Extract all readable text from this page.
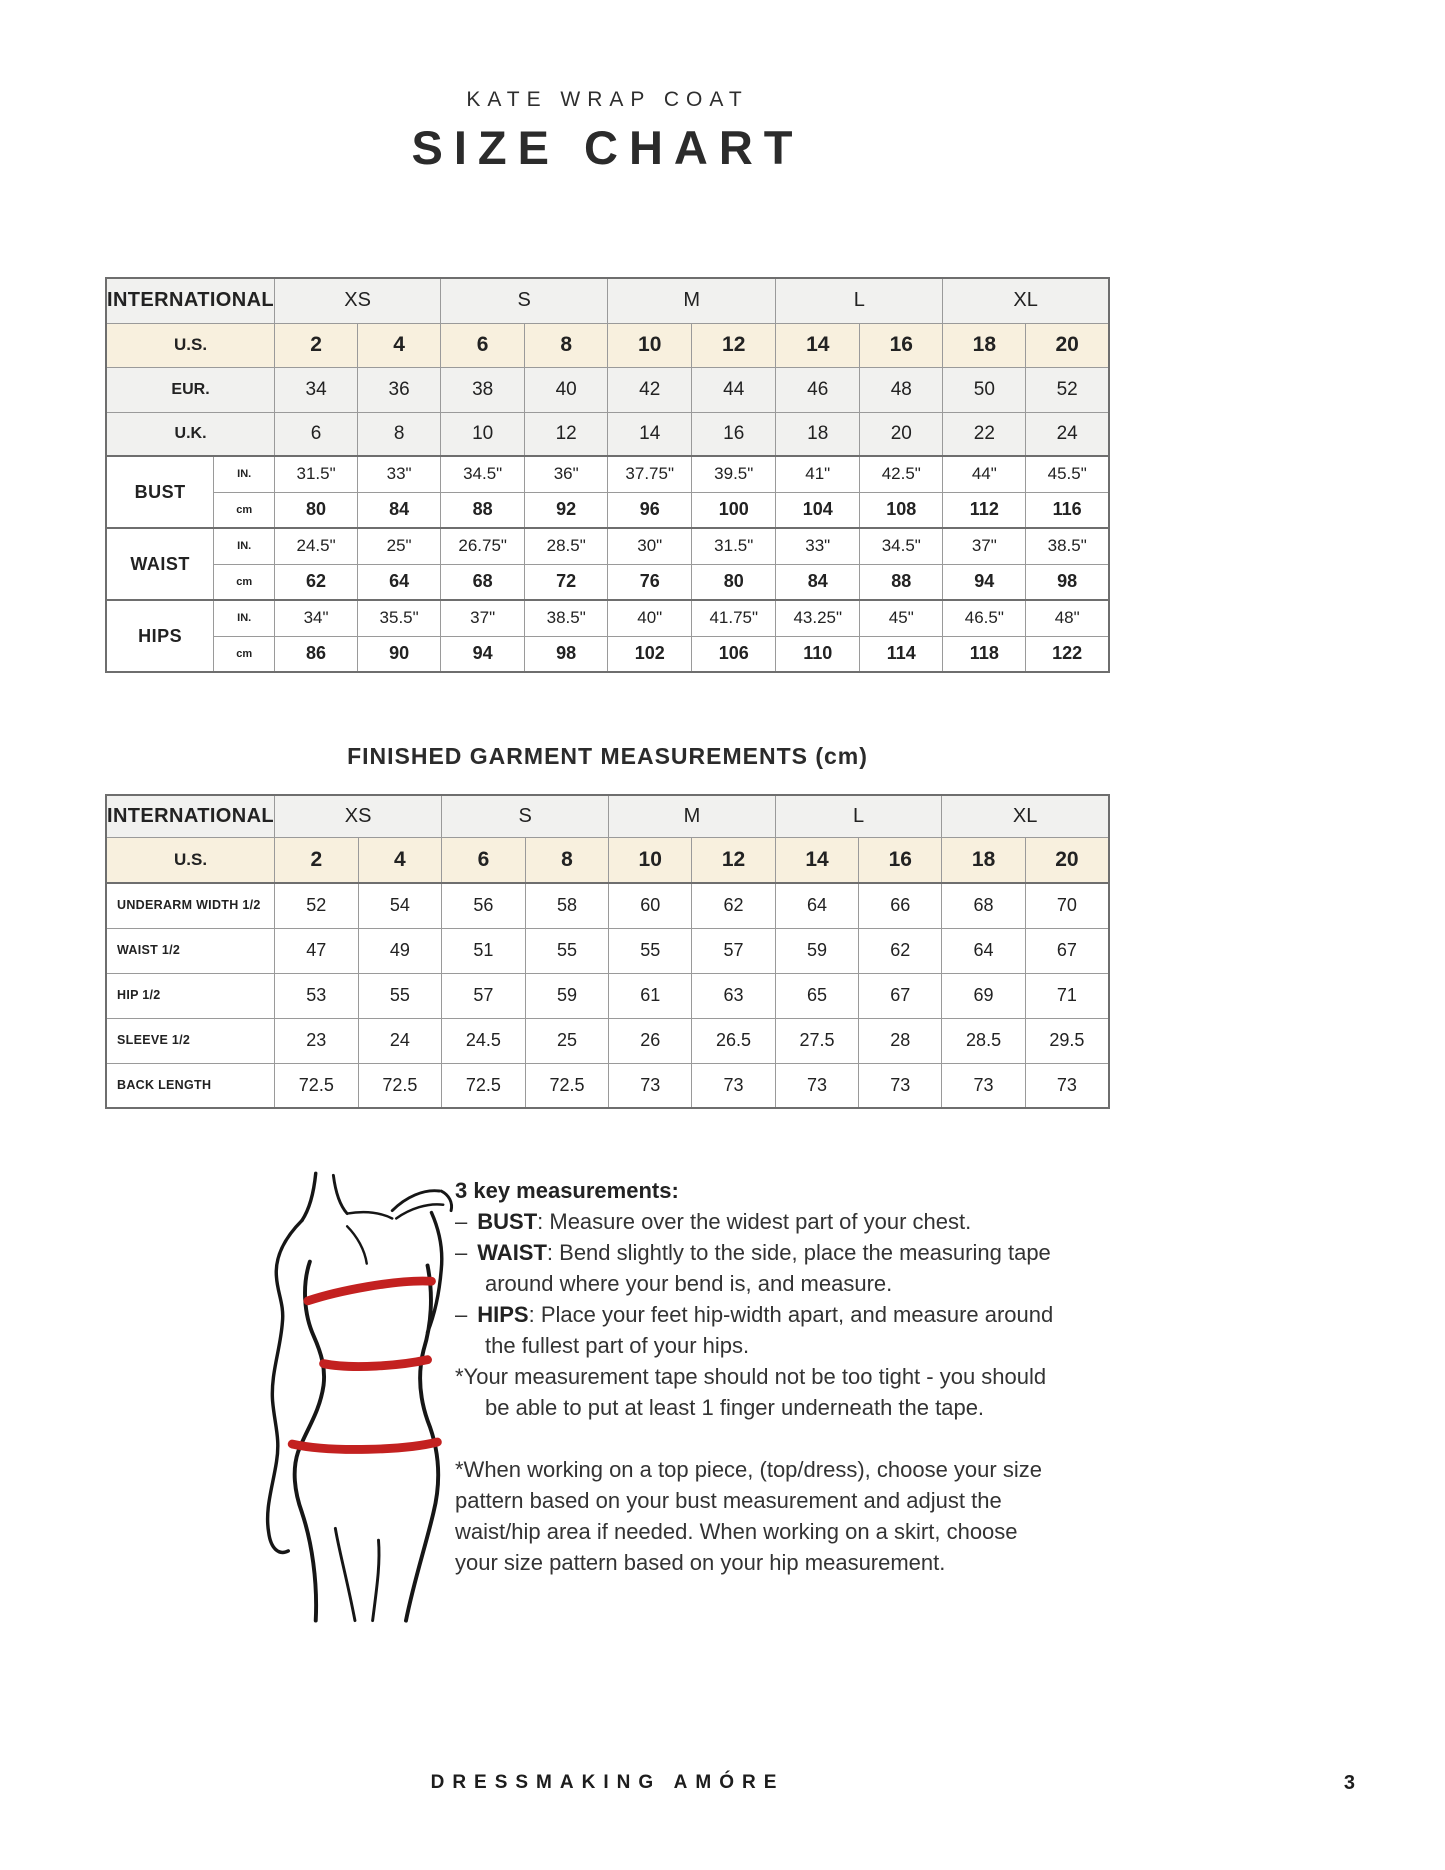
KATE WRAP COAT
SIZE CHART
INTERNATIONAL		XS		S		M		L		XL	
U.S.		2	4	6	8	10	12	14	16	18	20
EUR.		34	36	38	40	42	44	46	48	50	52
U.K.		6	8	10	12	14	16	18	20	22	24
BUST	IN.	31.5"	33"	34.5"	36"	37.75"	39.5"	41"	42.5"	44"	45.5"
	cm	80	84	88	92	96	100	104	108	112	116
WAIST	IN.	24.5"	25"	26.75"	28.5"	30"	31.5"	33"	34.5"	37"	38.5"
	cm	62	64	68	72	76	80	84	88	94	98
HIPS	IN.	34"	35.5"	37"	38.5"	40"	41.75"	43.25"	45"	46.5"	48"
	cm	86	90	94	98	102	106	110	114	118	122
FINISHED GARMENT MEASUREMENTS (cm)
INTERNATIONAL	XS		S		M		L		XL	
U.S.	2	4	6	8	10	12	14	16	18	20
UNDERARM WIDTH 1/2	52	54	56	58	60	62	64	66	68	70
WAIST 1/2	47	49	51	55	55	57	59	62	64	67
HIP 1/2	53	55	57	59	61	63	65	67	69	71
SLEEVE 1/2	23	24	24.5	25	26	26.5	27.5	28	28.5	29.5
BACK LENGTH	72.5	72.5	72.5	72.5	73	73	73	73	73	73
3 key measurements:
– BUST: Measure over the widest part of your chest.
– WAIST: Bend slightly to the side, place the measuring tape around where your bend is, and measure.
– HIPS: Place your feet hip-width apart, and measure around the fullest part of your hips.
*Your measurement tape should not be too tight - you should be able to put at least 1 finger underneath the tape.

*When working on a top piece, (top/dress), choose your size pattern based on your bust measurement and adjust the waist/hip area if needed. When working on a skirt, choose your size pattern based on your hip measurement.

DRESSMAKING AMÓRE	3
